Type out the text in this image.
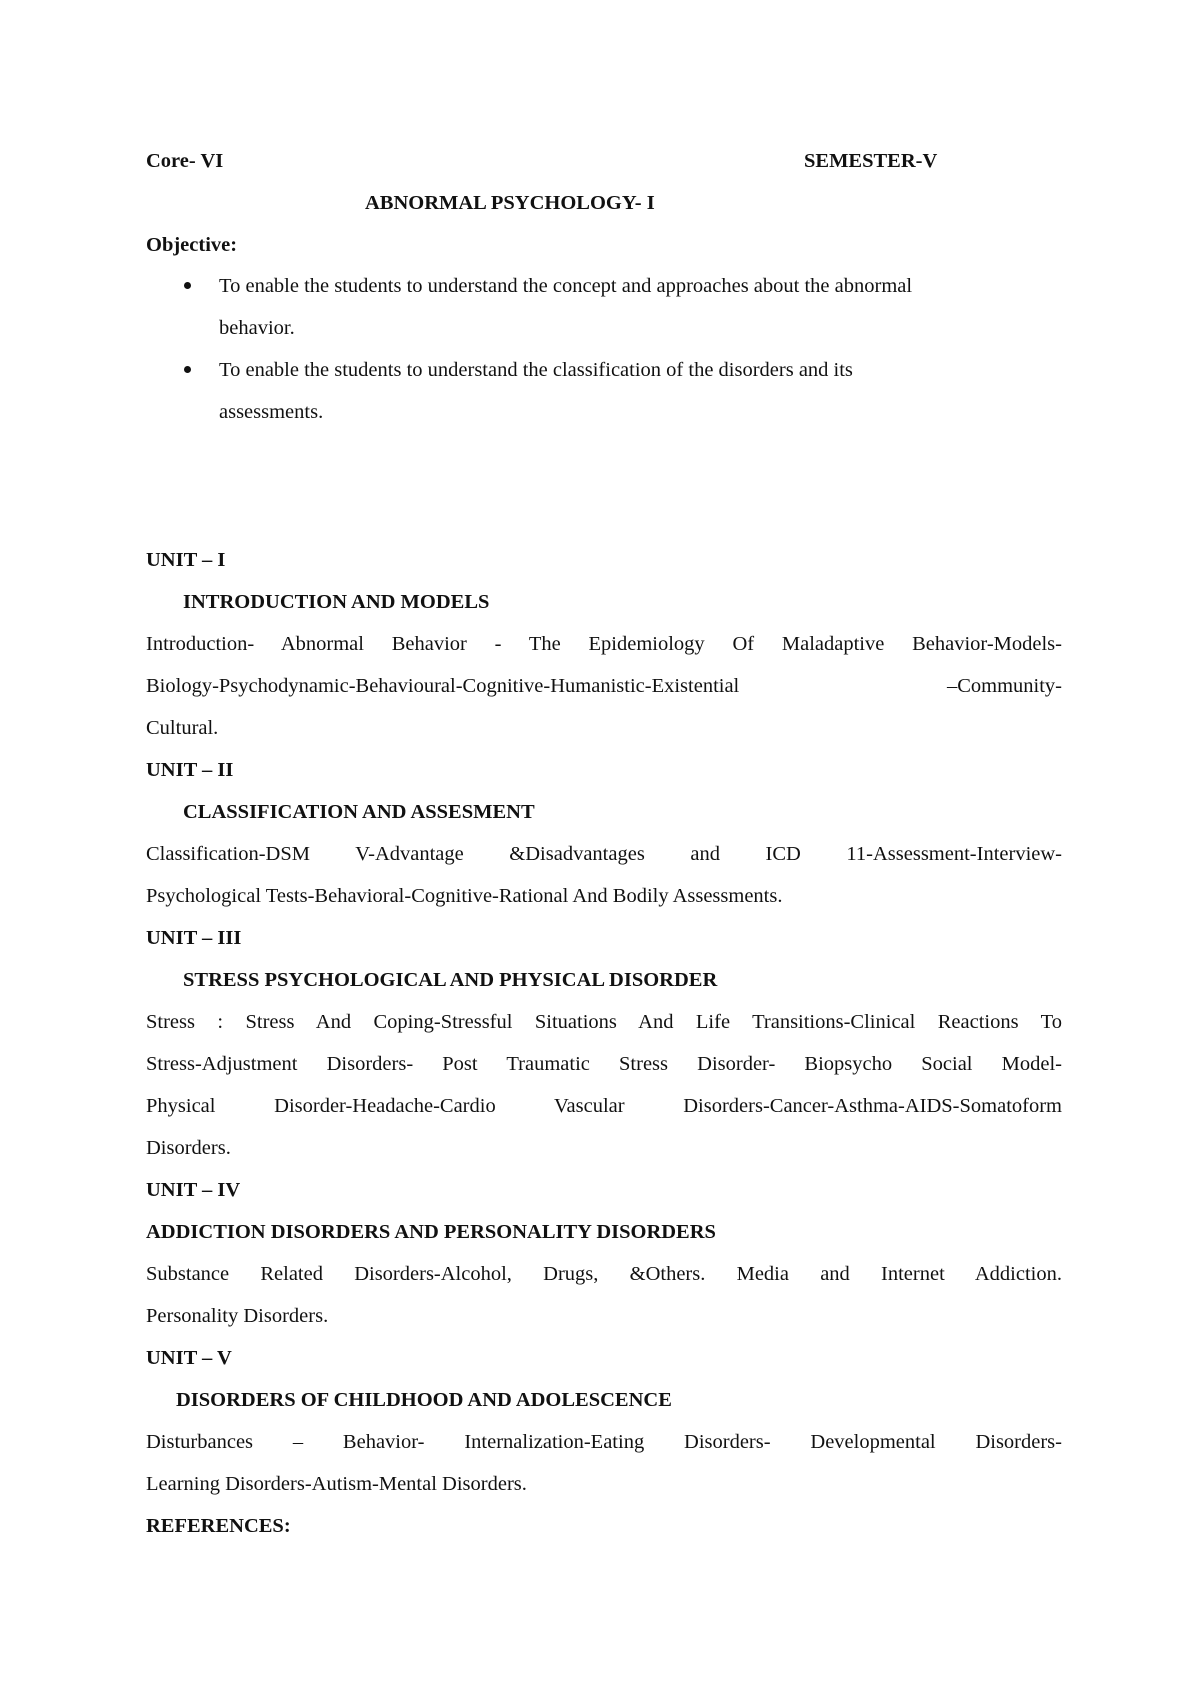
Core- VI	SEMESTER-V
ABNORMAL PSYCHOLOGY- I
Objective:
To enable the students to understand the concept and approaches about the abnormal
behavior.
To enable the students to understand the classification of the disorders and its
assessments.
UNIT – I
INTRODUCTION AND MODELS
Introduction- Abnormal Behavior - The Epidemiology Of Maladaptive Behavior-Models-
Biology-Psychodynamic-Behavioural-Cognitive-Humanistic-Existential –Community-
Cultural.
UNIT – II
CLASSIFICATION AND ASSESMENT
Classification-DSM V-Advantage &Disadvantages and ICD 11-Assessment-Interview-
Psychological Tests-Behavioral-Cognitive-Rational And Bodily Assessments.
UNIT – III
STRESS PSYCHOLOGICAL AND PHYSICAL DISORDER
Stress : Stress And Coping-Stressful Situations And Life Transitions-Clinical Reactions To
Stress-Adjustment Disorders- Post Traumatic Stress Disorder- Biopsycho Social Model-
Physical Disorder-Headache-Cardio Vascular Disorders-Cancer-Asthma-AIDS-Somatoform
Disorders.
UNIT – IV
ADDICTION DISORDERS AND PERSONALITY DISORDERS
Substance Related Disorders-Alcohol, Drugs, &Others. Media and Internet Addiction.
Personality Disorders.
UNIT – V
DISORDERS OF CHILDHOOD AND ADOLESCENCE
Disturbances – Behavior- Internalization-Eating Disorders- Developmental Disorders-
Learning Disorders-Autism-Mental Disorders.
REFERENCES:
